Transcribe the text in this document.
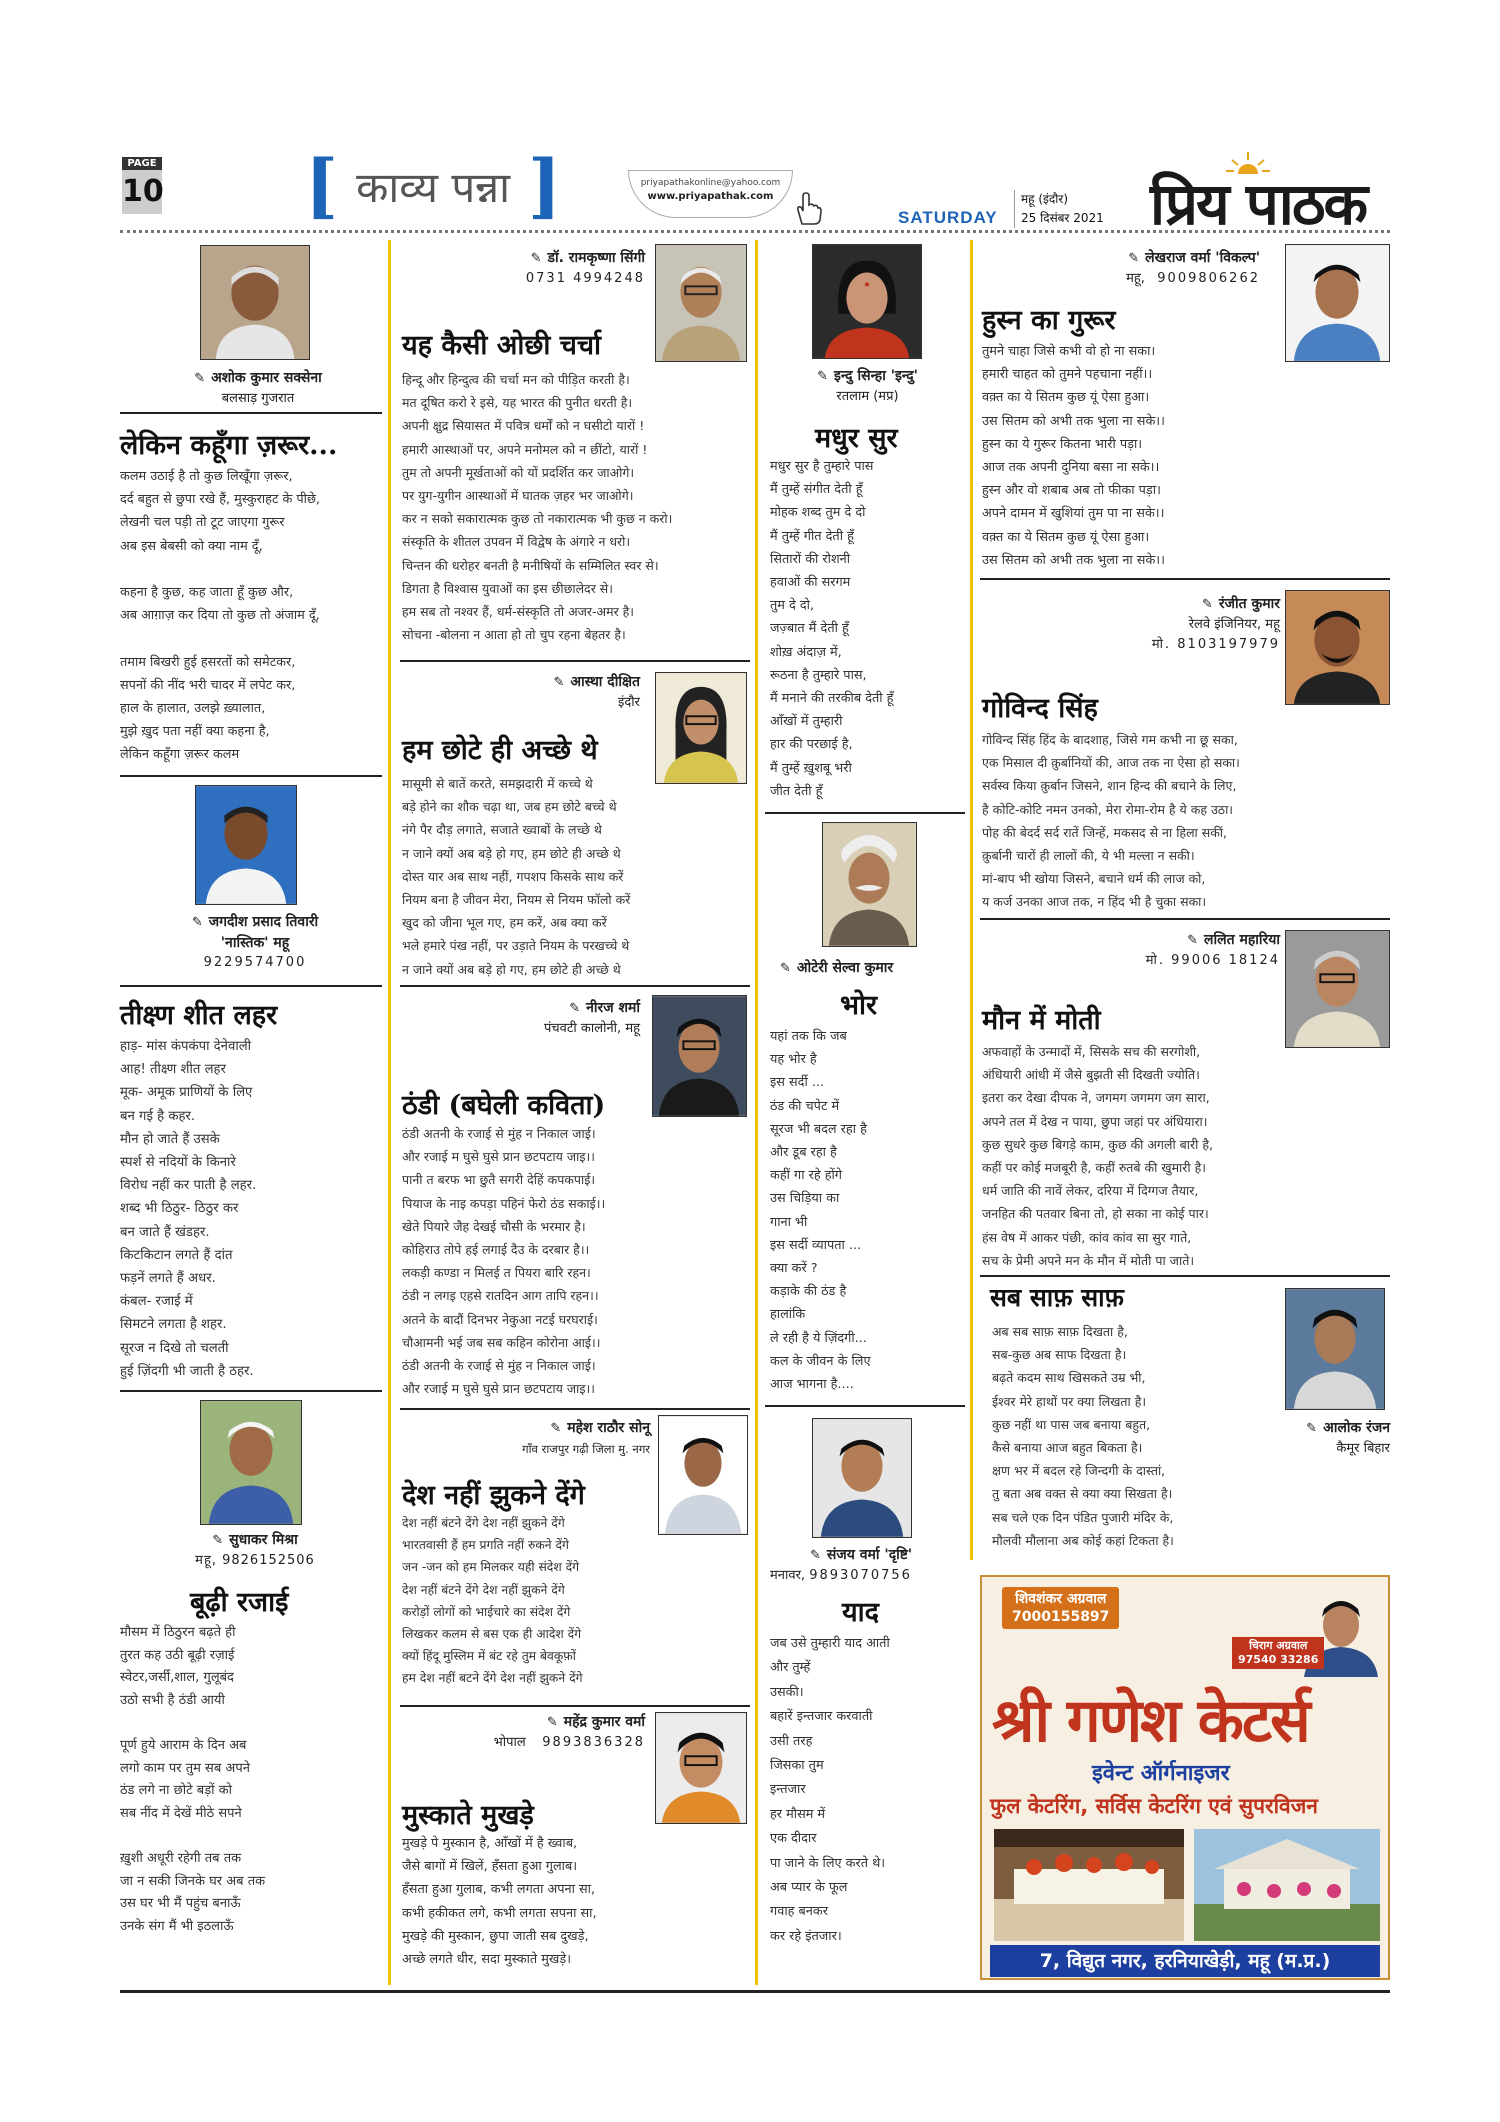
PAGE
10 [ काव्य पन्ना ]	priyapathakonline@yahoo.com
www.priyapathak.com
SATURDAY
महू (इंदौर)
25 दिसंबर 2021 प्रिय पाठक
✎ अशोक कुमार सक्सेना
बलसाड़ गुजरात
लेकिन कहूँगा ज़रूर...
कलम उठाई है तो कुछ लिखूँगा ज़रूर,
दर्द बहुत से छुपा रखे हैं, मुस्कुराहट के पीछे,
लेखनी चल पड़ी तो टूट जाएगा गुरूर
अब इस बेबसी को क्या नाम दूँ,

कहना है कुछ, कह जाता हूँ कुछ और,
अब आग़ाज़ कर दिया तो कुछ तो अंजाम दूँ,

तमाम बिखरी हुई हसरतों को समेटकर,
सपनों की नींद भरी चादर में लपेट कर,
हाल के हालात, उलझे ख़्यालात,
मुझे ख़ुद पता नहीं क्या कहना है,
लेकिन कहूँगा ज़रूर कलम
✎ जगदीश प्रसाद तिवारी
'नास्तिक' महू
9229574700
तीक्ष्ण शीत लहर
हाड़- मांस कंपकंपा देनेवाली
आह! तीक्ष्ण शीत लहर
मूक- अमूक प्राणियों के लिए
बन गई है कहर.
मौन हो जाते हैं उसके
स्पर्श से नदियों के किनारे
विरोध नहीं कर पाती है लहर.
शब्द भी ठिठुर- ठिठुर कर
बन जाते हैं खंडहर.
किटकिटान लगते हैं दांत
फड़नें लगते हैं अधर.
कंबल- रजाई में
सिमटने लगता है शहर.
सूरज न दिखे तो चलती
हुई ज़िंदगी भी जाती है ठहर.
✎ सुधाकर मिश्रा
महू, 9826152506
बूढ़ी रजाई
मौसम में ठिठुरन बढ़ते ही
तुरत कह उठी बूढ़ी रज़ाई
स्वेटर,जर्सी,शाल, गुलूबंद
उठो सभी है ठंडी आयी

पूर्ण हुये आराम के दिन अब
लगो काम पर तुम सब अपने
ठंड लगे ना छोटे बड़ों को
सब नींद में देखें मीठे सपने

ख़ुशी अधूरी रहेगी तब तक
जा न सकी जिनके घर अब तक
उस घर भी मैं पहुंच बनाऊँ
उनके संग मैं भी इठलाऊँ
✎ डॉ. रामकृष्णा सिंगी
0731 4994248
यह कैसी ओछी चर्चा
हिन्दू और हिन्दुत्व की चर्चा मन को पीड़ित करती है।
मत दूषित करो रे इसे, यह भारत की पुनीत धरती है।
अपनी क्षुद्र सियासत में पवित्र धर्मों को न घसीटो यारों !
हमारी आस्थाओं पर, अपने मनोमल को न छींटो, यारों !
तुम तो अपनी मूर्खताओं को यों प्रदर्शित कर जाओगे।
पर युग-युगीन आस्थाओं में घातक ज़हर भर जाओगे।
कर न सको सकारात्मक कुछ तो नकारात्मक भी कुछ न करो।
संस्कृति के शीतल उपवन में विद्वेष के अंगारे न धरो।
चिन्तन की धरोहर बनती है मनीषियों के सम्मिलित स्वर से।
डिगता है विश्वास युवाओं का इस छीछालेदर से।
हम सब तो नश्वर हैं, धर्म-संस्कृति तो अजर-अमर है।
सोचना -बोलना न आता हो तो चुप रहना बेहतर है।
✎ आस्था दीक्षित
इंदौर
हम छोटे ही अच्छे थे
मासूमी से बातें करते, समझदारी में कच्चे थे
बड़े होने का शौक चढ़ा था, जब हम छोटे बच्चे थे
नंगे पैर दौड़ लगाते, सजाते ख्वाबों के लच्छे थे
न जाने क्यों अब बड़े हो गए, हम छोटे ही अच्छे थे
दोस्त यार अब साथ नहीं, गपशप किसके साथ करें
नियम बना है जीवन मेरा, नियम से नियम फॉलो करें
खुद को जीना भूल गए, हम करें, अब क्या करें
भले हमारे पंख नहीं, पर उड़ाते नियम के परखच्चे थे
न जाने क्यों अब बड़े हो गए, हम छोटे ही अच्छे थे
✎ नीरज शर्मा
पंचवटी कालोनी, महू
ठंडी (बघेली कविता)
ठंडी अतनी के रजाई से मुंह न निकाल जाई।
और रजाई म घुसे घुसे प्रान छटपटाय जाइ।।
पानी त बरफ भा छुतै सगरी देहिं कपकपाई।
पियाज के नाइ कपड़ा पहिनं फेरो ठंड सकाई।।
खेते पियारे जैह देखई चौसी के भरमार है।
कोहिराउ तोपे हई लगाई दैउ के दरबार है।।
लकड़ी कण्डा न मिलई त पियरा बारि रहन।
ठंडी न लगइ एहसे रातदिन आग तापि रहन।।
अतने के बादौं दिनभर नेकुआ नटई घरघराई।
चौआमनी भई जब सब कहिन कोरोना आई।।
ठंडी अतनी के रजाई से मुंह न निकाल जाई।
और रजाई म घुसे घुसे प्रान छटपटाय जाइ।।
✎ महेश राठौर सोनू
गाँव राजपुर गढ़ी जिला मु. नगर
देश नहीं झुकने देंगे
देश नहीं बंटने देंगे देश नहीं झुकने देंगे
भारतवासी हैं हम प्रगति नहीं रुकने देंगे
जन -जन को हम मिलकर यही संदेश देंगे
देश नहीं बंटने देंगे देश नहीं झुकने देंगे
करोड़ों लोगों को भाईचारे का संदेश देंगे
लिखकर कलम से बस एक ही आदेश देंगे
क्यों हिंदू मुस्लिम में बंट रहे तुम बेवकूफ़ों
हम देश नहीं बटने देंगे देश नहीं झुकने देंगे
✎ महेंद्र कुमार वर्मा
भोपाल 9893836328
मुस्काते मुखड़े
मुखड़े पे मुस्कान है, आँखों में है ख्वाब,
जैसे बागों में खिलें, हँसता हुआ गुलाब।
हँसता हुआ गुलाब, कभी लगता अपना सा,
कभी हकीकत लगे, कभी लगता सपना सा,
मुखड़े की मुस्कान, छुपा जाती सब दुखड़े,
अच्छे लगते धीर, सदा मुस्काते मुखड़े।
✎ इन्दु सिन्हा 'इन्दु'
रतलाम (मप्र)
मधुर सुर
मधुर सुर है तुम्हारे पास
मैं तुम्हें संगीत देती हूँ
मोहक शब्द तुम दे दो
मैं तुम्हें गीत देती हूँ
सितारों की रोशनी
हवाओं की सरगम
तुम दे दो,
जज़्बात मैं देती हूँ
शोख़ अंदाज़ में,
रूठना है तुम्हारे पास,
मैं मनाने की तरकीब देती हूँ
आँखों में तुम्हारी
हार की परछाई है,
मैं तुम्हें ख़ुशबू भरी
जीत देती हूँ
✎ ओटेरी सेल्वा कुमार
भोर
यहां तक कि जब
यह भोर है
इस सर्दी ...
ठंड की चपेट में
सूरज भी बदल रहा है
और डूब रहा है
कहीं गा रहे होंगे
उस चिड़िया का
गाना भी
इस सर्दी व्यापता ...
क्या करें ?
कड़ाके की ठंड है
हालांकि
ले रही है ये ज़िंदगी...
कल के जीवन के लिए
आज भागना है....
✎ संजय वर्मा 'दृष्टि'
मनावर, 9893070756
याद
जब उसे तुम्हारी याद आती
और तुम्हें
उसकी।
बहारें इन्तजार करवाती
उसी तरह
जिसका तुम
इन्तजार
हर मौसम में
एक दीदार
पा जाने के लिए करते थे।
अब प्यार के फूल
गवाह बनकर
कर रहे इंतजार।
✎ लेखराज वर्मा 'विकल्प'
महू, 9009806262
हुस्न का गुरूर
तुमने चाहा जिसे कभी वो हो ना सका।
हमारी चाहत को तुमने पहचाना नहीं।।
वक़्त का ये सितम कुछ यूं ऐसा हुआ।
उस सितम को अभी तक भुला ना सके।।
हुस्न का ये गुरूर कितना भारी पड़ा।
आज तक अपनी दुनिया बसा ना सके।।
हुस्न और वो शबाब अब तो फीका पड़ा।
अपने दामन में खुशियां तुम पा ना सके।।
वक़्त का ये सितम कुछ यूं ऐसा हुआ।
उस सितम को अभी तक भुला ना सके।।
✎ रंजीत कुमार
रेलवे इंजिनियर, महू
मो. 8103197979
गोविन्द सिंह
गोविन्द सिंह हिंद के बादशाह, जिसे गम कभी ना छू सका,
एक मिसाल दी क़ुर्बानियों की, आज तक ना ऐसा हो सका।
सर्वस्व किया क़ुर्बान जिसने, शान हिन्द की बचाने के लिए,
है कोटि-कोटि नमन उनको, मेरा रोमा-रोम है ये कह उठा।
पोह की बेदर्द सर्द रातें जिन्हें, मकसद से ना हिला सकीं,
क़ुर्बानी चारों ही लालों की, ये भी मल्ला न सकी।
मां-बाप भी खोया जिसने, बचाने धर्म की लाज को,
य कर्ज उनका आज तक, न हिंद भी है चुका सका।
✎ ललित महारिया
मो. 99006 18124
मौन में मोती
अफवाहों के उन्मादों में, सिसके सच की सरगोशी,
अंधियारी आंधी में जैसे बुझती सी दिखती ज्योति।
इतरा कर देखा दीपक ने, जगमग जगमग जग सारा,
अपने तल में देख न पाया, छुपा जहां पर अंधियारा।
कुछ सुधरे कुछ बिगड़े काम, कुछ की अगली बारी है,
कहीं पर कोई मजबूरी है, कहीं रुतबे की खुमारी है।
धर्म जाति की नावें लेकर, दरिया में दिग्गज तैयार,
जनहित की पतवार बिना तो, हो सका ना कोई पार।
हंस वेष में आकर पंछी, कांव कांव सा सुर गाते,
सच के प्रेमी अपने मन के मौन में मोती पा जाते।
सब साफ़ साफ़
✎ आलोक रंजन
कैमूर बिहार
अब सब साफ़ साफ़ दिखता है,
सब-कुछ अब साफ दिखता है।
बढ़ते कदम साथ खिसकते उम्र भी,
ईश्वर मेरे हाथों पर क्या लिखता है।
कुछ नहीं था पास जब बनाया बहुत,
कैसे बनाया आज बहुत बिकता है।
क्षण भर में बदल रहे जिन्दगी के दास्तां,
तु बता अब वक्त से क्या क्या सिखता है।
सब चले एक दिन पंडित पुजारी मंदिर के,
मौलवी मौलाना अब कोई कहां टिकता है।
शिवशंकर अग्रवाल
7000155897
चिराग अग्रवाल
97540 33286
श्री गणेश केटर्स
इवेन्ट ऑर्गनाइजर
फुल केटरिंग, सर्विस केटरिंग एवं सुपरविजन
7, विद्युत नगर, हरनियाखेड़ी, महू (म.प्र.)
